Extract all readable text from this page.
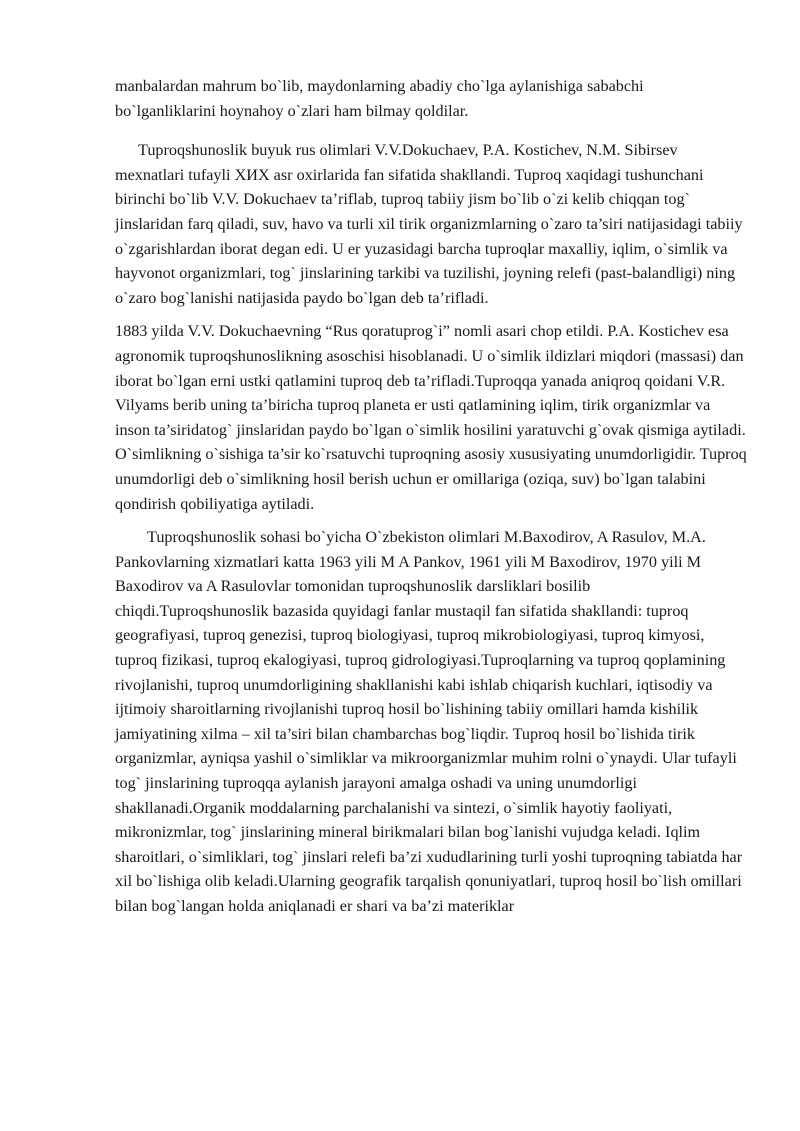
manbalardan mahrum bo`lib, maydonlarning abadiy cho`lga aylanishiga sababchi bo`lganliklarini hoynahoy o`zlari ham bilmay qoldilar.

Tuproqshunoslik buyuk rus olimlari V.V.Dokuchaev, P.A. Kostichev, N.M. Sibirsev mexnatlari tufayli XИX asr oxirlarida fan sifatida shakllandi. Tuproq xaqidagi tushunchani birinchi bo`lib V.V. Dokuchaev ta’riflab, tuproq tabiiy jism bo`lib o`zi kelib chiqqan tog` jinslaridan farq qiladi, suv, havo va turli xil tirik organizmlarning o`zaro ta’siri natijasidagi tabiiy o`zgarishlardan iborat degan edi. U er yuzasidagi barcha tuproqlar maxalliy, iqlim, o`simlik va hayvonot organizmlari, tog` jinslarining tarkibi va tuzilishi, joyning relefi (past-balandligi) ning o`zaro bog`lanishi natijasida paydo bo`lgan deb ta’rifladi.

1883 yilda V.V. Dokuchaevning “Rus qoratuprog`i” nomli asari chop etildi. P.A. Kostichev esa agronomik tuproqshunoslikning asoschisi hisoblanadi. U o`simlik ildizlari miqdori (massasi) dan iborat bo`lgan erni ustki qatlamini tuproq deb ta’rifladi.Tuproqqa yanada aniqroq qoidani V.R. Vilyams berib uning ta’biricha tuproq planeta er usti qatlamining iqlim, tirik organizmlar va inson ta’siridatog` jinslaridan paydo bo`lgan o`simlik hosilini yaratuvchi g`ovak qismiga aytiladi. O`simlikning o`sishiga ta’sir ko`rsatuvchi tuproqning asosiy xususiyating unumdorligidir. Tuproq unumdorligi deb o`simlikning hosil berish uchun er omillariga (oziqa, suv) bo`lgan talabini qondirish qobiliyatiga aytiladi.

Tuproqshunoslik sohasi bo`yicha O`zbekiston olimlari M.Baxodirov, A Rasulov, M.A. Pankovlarning xizmatlari katta 1963 yili M A Pankov, 1961 yili M Baxodirov, 1970 yili M Baxodirov va A Rasulovlar tomonidan tuproqshunoslik darsliklari bosilib chiqdi.Tuproqshunoslik bazasida quyidagi fanlar mustaqil fan sifatida shakllandi: tuproq geografiyasi, tuproq genezisi, tuproq biologiyasi, tuproq mikrobiologiyasi, tuproq kimyosi, tuproq fizikasi, tuproq ekalogiyasi, tuproq gidrologiyasi.Tuproqlarning va tuproq qoplamining rivojlanishi, tuproq unumdorligining shakllanishi kabi ishlab chiqarish kuchlari, iqtisodiy va ijtimoiy sharoitlarning rivojlanishi tuproq hosil bo`lishining tabiiy omillari hamda kishilik jamiyatining xilma – xil ta’siri bilan chambarchas bog`liqdir. Tuproq hosil bo`lishida tirik organizmlar, ayniqsa yashil o`simliklar va mikroorganizmlar muhim rolni o`ynaydi. Ular tufayli tog` jinslarining tuproqqa aylanish jarayoni amalga oshadi va uning unumdorligi shakllanadi.Organik moddalarning parchalanishi va sintezi, o`simlik hayotiy faoliyati, mikronizmlar, tog` jinslarining mineral birikmalari bilan bog`lanishi vujudga keladi. Iqlim sharoitlari, o`simliklari, tog` jinslari relefi ba’zi xududlarining turli yoshi tuproqning tabiatda har xil bo`lishiga olib keladi.Ularning geografik tarqalish qonuniyatlari, tuproq hosil bo`lish omillari bilan bog`langan holda aniqlanadi er shari va ba’zi materiklar
